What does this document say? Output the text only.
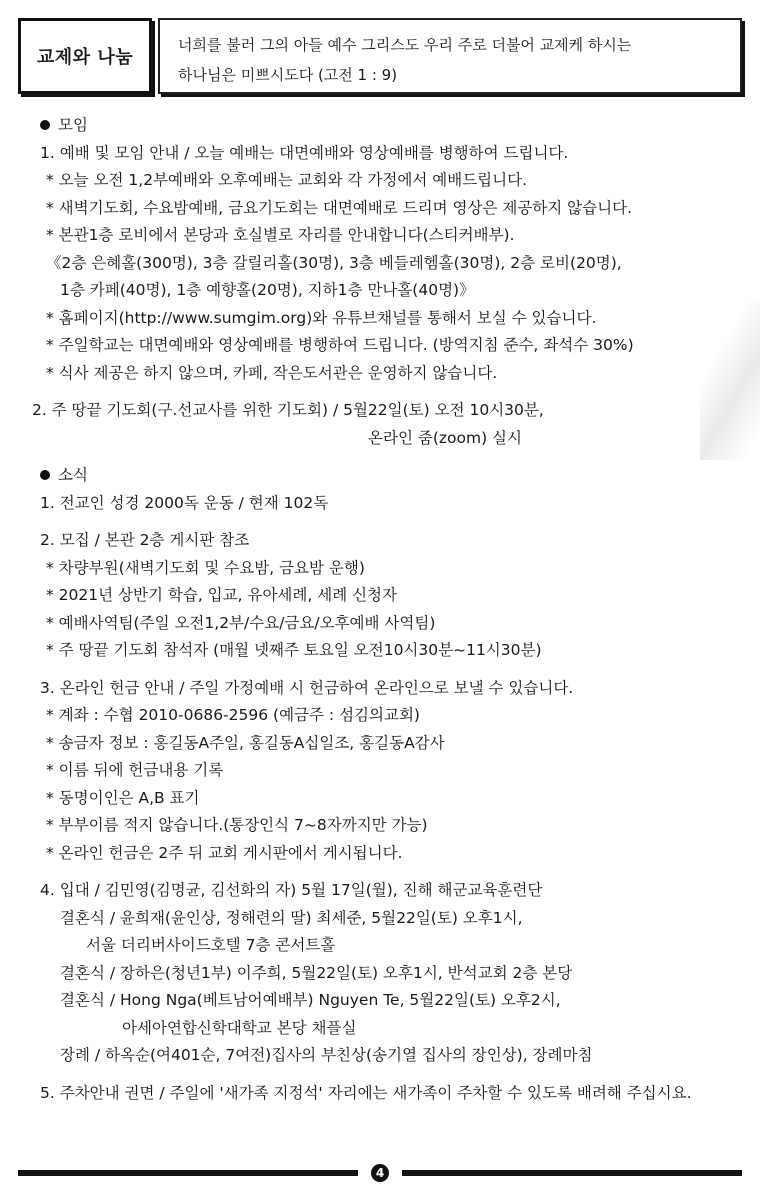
교제와 나눔
너희를 불러 그의 아들 예수 그리스도 우리 주로 더불어 교제케 하시는
하나님은 미쁘시도다 (고전 1 : 9)
모임
1. 예배 및 모임 안내 / 오늘 예배는 대면예배와 영상예배를 병행하여 드립니다.
* 오늘 오전 1,2부예배와 오후예배는 교회와 각 가정에서 예배드립니다.
* 새벽기도회, 수요밤예배, 금요기도회는 대면예배로 드리며 영상은 제공하지 않습니다.
* 본관1층 로비에서 본당과 호실별로 자리를 안내합니다(스티커배부).
《2층 은혜홀(300명), 3층 갈릴리홀(30명), 3층 베들레헴홀(30명), 2층 로비(20명),
1층 카페(40명), 1층 예향홀(20명), 지하1층 만나홀(40명)》
* 홈페이지(http://www.sumgim.org)와 유튜브채널를 통해서 보실 수 있습니다.
* 주일학교는 대면예배와 영상예배를 병행하여 드립니다. (방역지침 준수, 좌석수 30%)
* 식사 제공은 하지 않으며, 카페, 작은도서관은 운영하지 않습니다.
2. 주 땅끝 기도회(구.선교사를 위한 기도회) / 5월22일(토) 오전 10시30분,
온라인 줌(zoom) 실시
소식
1. 전교인 성경 2000독 운동 / 현재 102독
2. 모집 / 본관 2층 게시판 참조
* 차량부원(새벽기도회 및 수요밤, 금요밤 운행)
* 2021년 상반기 학습, 입교, 유아세례, 세례 신청자
* 예배사역팀(주일 오전1,2부/수요/금요/오후예배 사역팀)
* 주 땅끝 기도회 참석자 (매월 넷째주 토요일 오전10시30분~11시30분)
3. 온라인 헌금 안내 / 주일 가정예배 시 헌금하여 온라인으로 보낼 수 있습니다.
* 계좌 : 수협 2010-0686-2596 (예금주 : 섬김의교회)
* 송금자 정보 : 홍길동A주일, 홍길동A십일조, 홍길동A감사
* 이름 뒤에 헌금내용 기록
* 동명이인은 A,B 표기
* 부부이름 적지 않습니다.(통장인식 7~8자까지만 가능)
* 온라인 헌금은 2주 뒤 교회 게시판에서 게시됩니다.
4. 입대 / 김민영(김명균, 김선화의 자) 5월 17일(월), 진해 해군교육훈련단
결혼식 / 윤희재(윤인상, 정해련의 딸) 최세준, 5월22일(토) 오후1시,
서울 더리버사이드호텔 7층 콘서트홀
결혼식 / 장하은(청년1부) 이주희, 5월22일(토) 오후1시, 반석교회 2층 본당
결혼식 / Hong Nga(베트남어예배부) Nguyen Te, 5월22일(토) 오후2시,
아세아연합신학대학교 본당 채플실
장례 / 하옥순(여401순, 7여전)집사의 부친상(송기열 집사의 장인상), 장례마침
5. 주차안내 권면 / 주일에 '새가족 지정석' 자리에는 새가족이 주차할 수 있도록 배려해 주십시요.
4
